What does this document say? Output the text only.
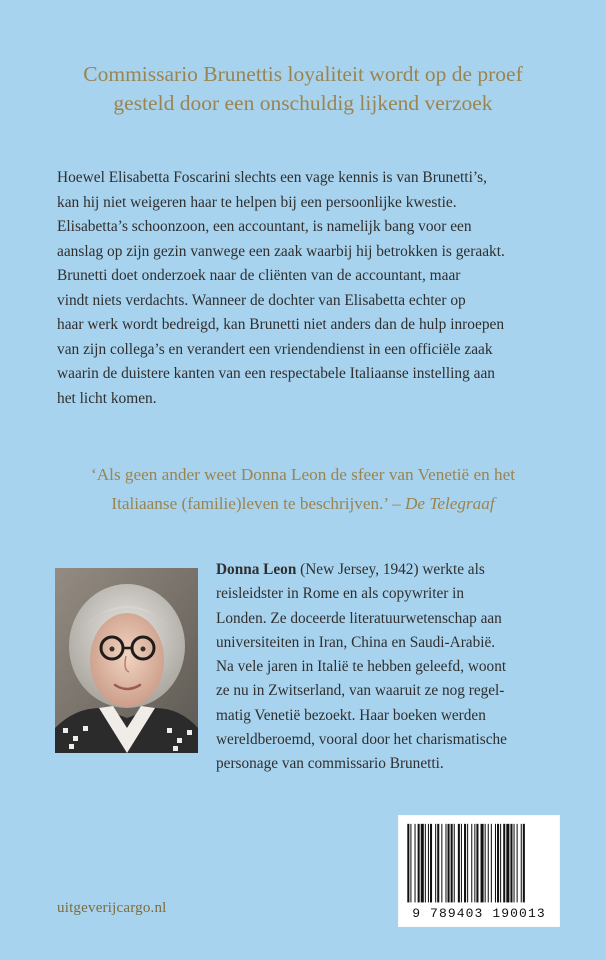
Commissario Brunettis loyaliteit wordt op de proef
gesteld door een onschuldig lijkend verzoek
Hoewel Elisabetta Foscarini slechts een vage kennis is van Brunetti’s,
kan hij niet weigeren haar te helpen bij een persoonlijke kwestie.
Elisabetta’s schoonzoon, een accountant, is namelijk bang voor een
aanslag op zijn gezin vanwege een zaak waarbij hij betrokken is geraakt.
Brunetti doet onderzoek naar de cliënten van de accountant, maar
vindt niets verdachts. Wanneer de dochter van Elisabetta echter op
haar werk wordt bedreigd, kan Brunetti niet anders dan de hulp inroepen
van zijn collega’s en verandert een vriendendienst in een officiële zaak
waarin de duistere kanten van een respectabele Italiaanse instelling aan
het licht komen.
‘Als geen ander weet Donna Leon de sfeer van Venetië en het
Italiaanse (familie)leven te beschrijven.’ – De Telegraaf
Donna Leon (New Jersey, 1942) werkte als
reisleidster in Rome en als copywriter in
Londen. Ze doceerde literatuurwetenschap aan
universiteiten in Iran, China en Saudi-Arabië.
Na vele jaren in Italië te hebben geleefd, woont
ze nu in Zwitserland, van waaruit ze nog regel-
matig Venetië bezoekt. Haar boeken werden
wereldberoemd, vooral door het charismatische
personage van commissario Brunetti.
9 789403 190013
uitgeverijcargo.nl
